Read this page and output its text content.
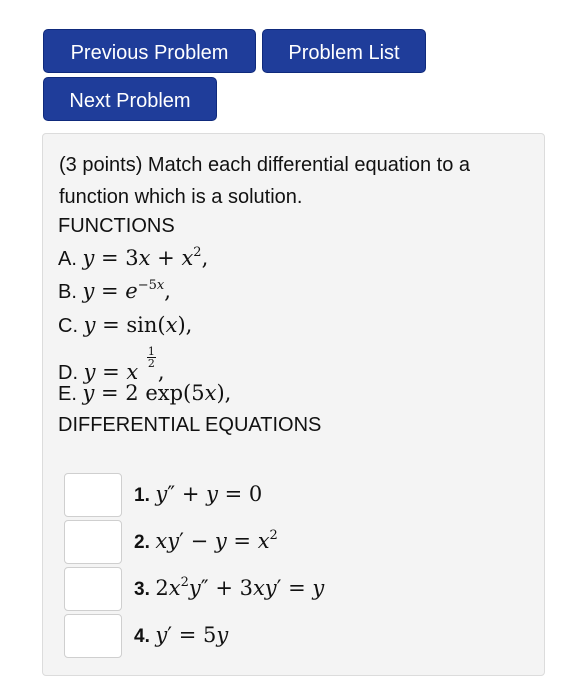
Previous Problem	Problem List
Next Problem
(3 points) Match each differential equation to a function which is a solution.
FUNCTIONS
A. $y = 3x + x^2$,
B. $y = e^{-5x}$,
C. y = sin(x),
D. y = x
$\frac{1}{2}$
,
E. y = 2 exp(5x),
DIFFERENTIAL EQUATIONS
1. y″ + y = 0
2. $xy' - y = x^2$
3. $2x^2y'' + 3xy' = y$
4. y′ = 5y
